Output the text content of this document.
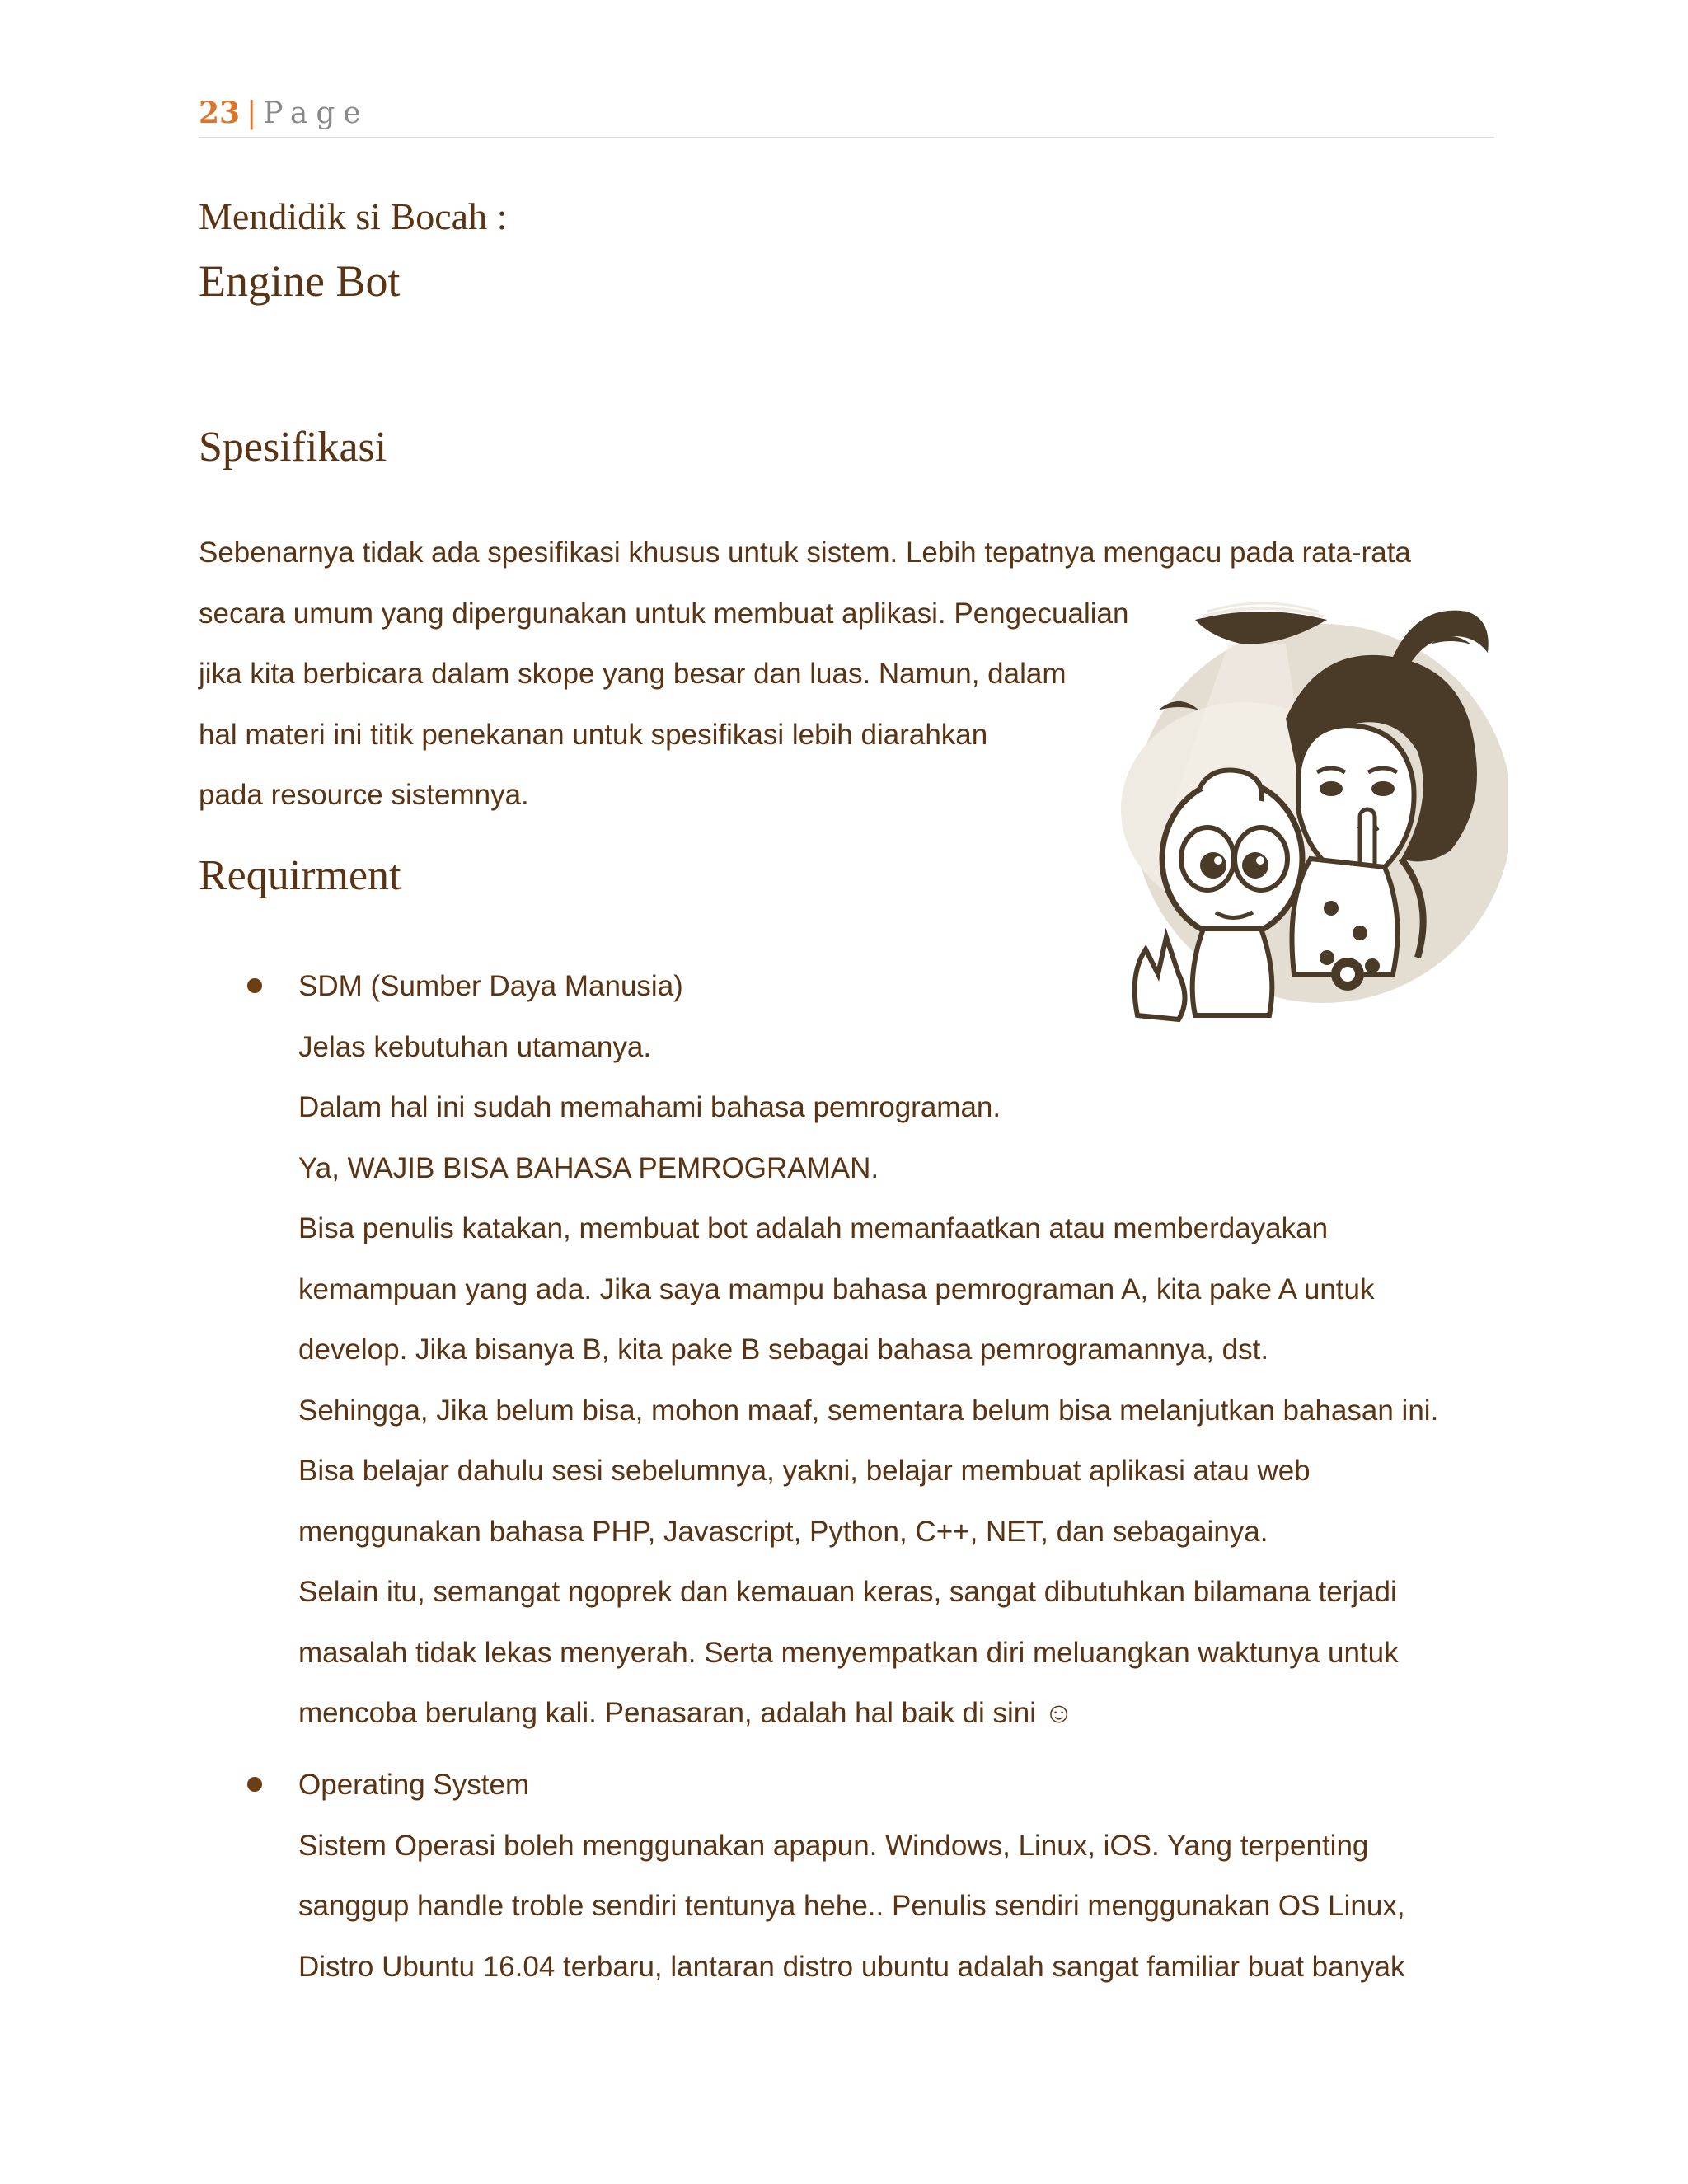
23 | Page
Mendidik si Bocah :
Engine Bot
Spesifikasi
Sebenarnya tidak ada spesifikasi khusus untuk sistem. Lebih tepatnya mengacu pada rata-rata
secara umum yang dipergunakan untuk membuat aplikasi. Pengecualian
jika kita berbicara dalam skope yang besar dan luas. Namun, dalam
hal materi ini titik penekanan untuk spesifikasi lebih diarahkan
pada resource sistemnya.
Requirment
SDM (Sumber Daya Manusia)
Jelas kebutuhan utamanya.
Dalam hal ini sudah memahami bahasa pemrograman.
Ya, WAJIB BISA BAHASA PEMROGRAMAN.
Bisa penulis katakan, membuat bot adalah memanfaatkan atau memberdayakan
kemampuan yang ada. Jika saya mampu bahasa pemrograman A, kita pake A untuk
develop. Jika bisanya B, kita pake B sebagai bahasa pemrogramannya, dst.
Sehingga, Jika belum bisa, mohon maaf, sementara belum bisa melanjutkan bahasan ini.
Bisa belajar dahulu sesi sebelumnya, yakni, belajar membuat aplikasi atau web
menggunakan bahasa PHP, Javascript, Python, C++, NET, dan sebagainya.
Selain itu, semangat ngoprek dan kemauan keras, sangat dibutuhkan bilamana terjadi
masalah tidak lekas menyerah. Serta menyempatkan diri meluangkan waktunya untuk
mencoba berulang kali. Penasaran, adalah hal baik di sini ☺
Operating System
Sistem Operasi boleh menggunakan apapun. Windows, Linux, iOS. Yang terpenting
sanggup handle troble sendiri tentunya hehe.. Penulis sendiri menggunakan OS Linux,
Distro Ubuntu 16.04 terbaru, lantaran distro ubuntu adalah sangat familiar buat banyak
